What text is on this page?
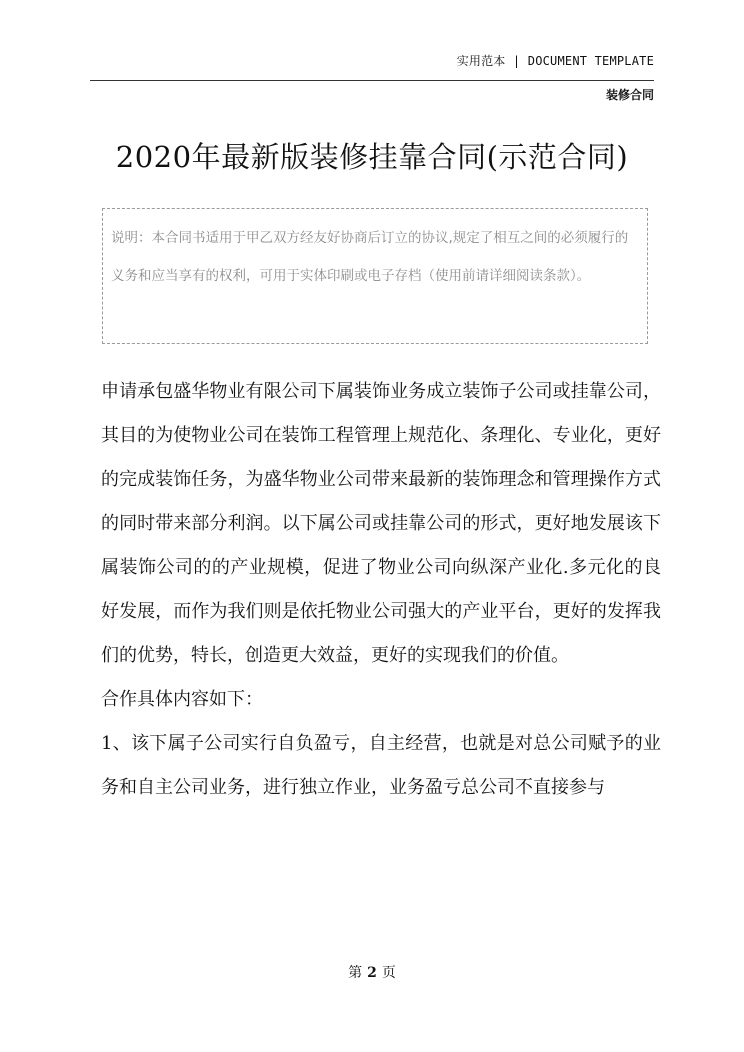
实用范本 | DOCUMENT TEMPLATE
装修合同
2020年最新版装修挂靠合同(示范合同)
说明：本合同书适用于甲乙双方经友好协商后订立的协议,规定了相互之间的必须履行的义务和应当享有的权利，可用于实体印刷或电子存档（使用前请详细阅读条款）。

申请承包盛华物业有限公司下属装饰业务成立装饰子公司或挂靠公司，其目的为使物业公司在装饰工程管理上规范化、条理化、专业化，更好的完成装饰任务，为盛华物业公司带来最新的装饰理念和管理操作方式的同时带来部分利润。以下属公司或挂靠公司的形式，更好地发展该下属装饰公司的的产业规模，促进了物业公司向纵深产业化.多元化的良好发展，而作为我们则是依托物业公司强大的产业平台，更好的发挥我们的优势，特长，创造更大效益，更好的实现我们的价值。

合作具体内容如下：

1、该下属子公司实行自负盈亏，自主经营，也就是对总公司赋予的业务和自主公司业务，进行独立作业，业务盈亏总公司不直接参与

第 2 页
